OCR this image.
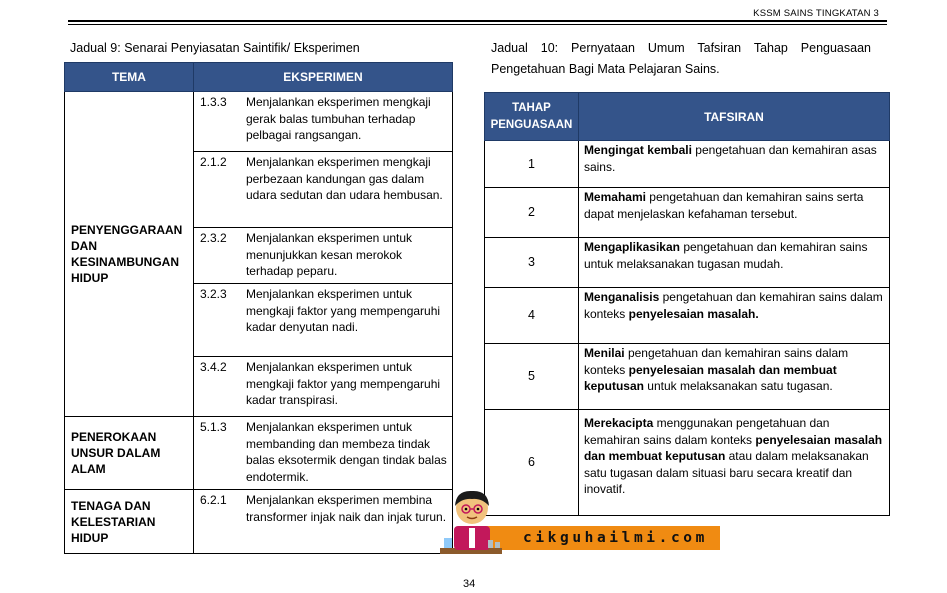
KSSM SAINS TINGKATAN 3
Jadual 9: Senarai Penyiasatan Saintifik/ Eksperimen
TEMA	EKSPERIMEN
PENYENGGARAAN DAN KESINAMBUNGAN HIDUP	1.3.3 Menjalankan eksperimen mengkaji gerak balas tumbuhan terhadap pelbagai rangsangan.

	2.1.2 Menjalankan eksperimen mengkaji perbezaan kandungan gas dalam udara sedutan dan udara hembusan.

	2.3.2 Menjalankan eksperimen untuk menunjukkan kesan merokok terhadap peparu.

	3.2.3 Menjalankan eksperimen untuk mengkaji faktor yang mempengaruhi kadar denyutan nadi.

	3.4.2 Menjalankan eksperimen untuk mengkaji faktor yang mempengaruhi kadar transpirasi.

PENEROKAAN UNSUR DALAM ALAM	5.1.3 Menjalankan eksperimen untuk membanding dan membeza tindak balas eksotermik dengan tindak balas endotermik.

TENAGA DAN KELESTARIAN HIDUP	6.2.1 Menjalankan eksperimen membina transformer injak naik dan injak turun.
Jadual 10: Pernyataan Umum Tafsiran Tahap Penguasaan Pengetahuan Bagi Mata Pelajaran Sains.
TAHAP PENGUASAAN	TAFSIRAN
1	Mengingat kembali pengetahuan dan kemahiran asas sains.
2	Memahami pengetahuan dan kemahiran sains serta dapat menjelaskan kefahaman tersebut.
3	Mengaplikasikan pengetahuan dan kemahiran sains untuk melaksanakan tugasan mudah.
4	Menganalisis pengetahuan dan kemahiran sains dalam konteks penyelesaian masalah.
5	Menilai pengetahuan dan kemahiran sains dalam konteks penyelesaian masalah dan membuat keputusan untuk melaksanakan satu tugasan.
6	Merekacipta menggunakan pengetahuan dan kemahiran sains dalam konteks penyelesaian masalah dan membuat keputusan atau dalam melaksanakan satu tugasan dalam situasi baru secara kreatif dan inovatif.
cikguhailmi.com
34
